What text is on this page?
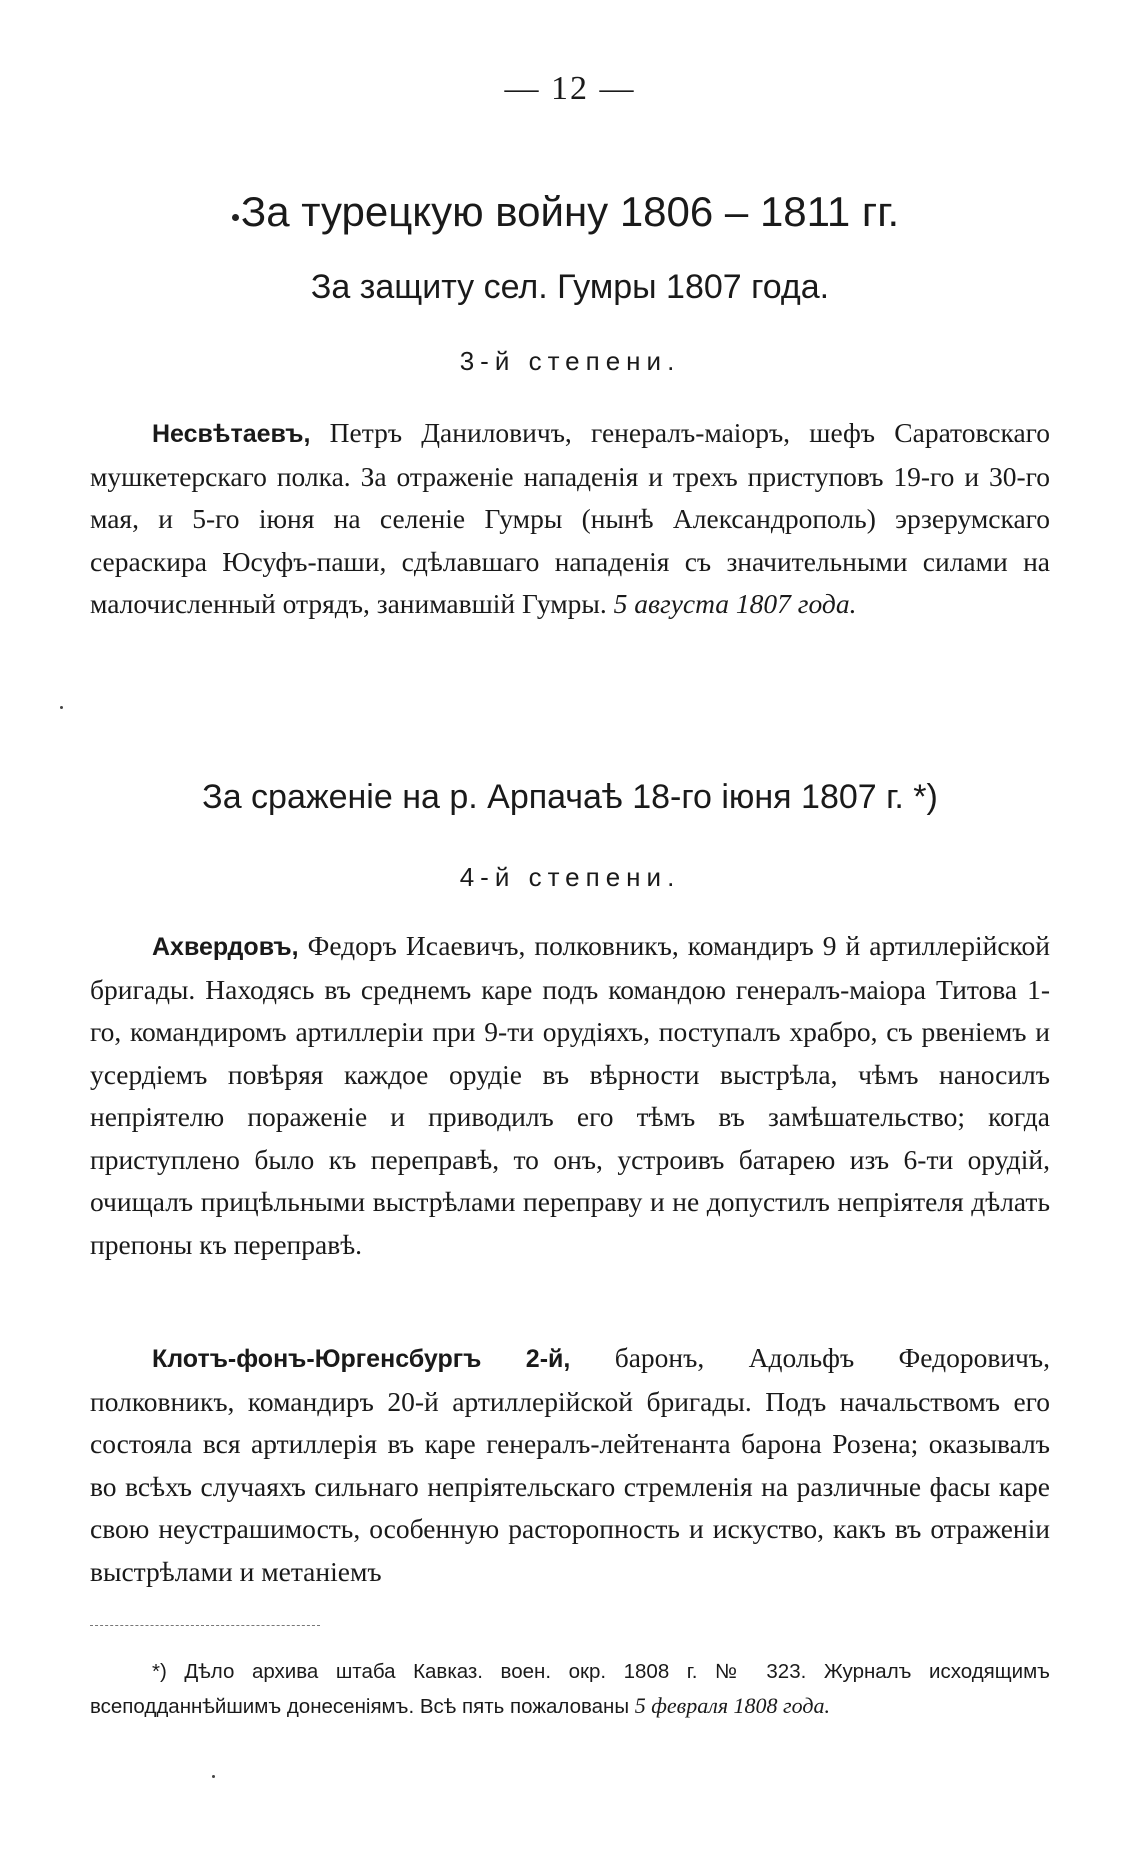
— 12 —
За турецкую войну 1806 – 1811 гг.
За защиту сел. Гумры 1807 года.
3-й степени.
Несвѣтаевъ, Петръ Даниловичъ, генералъ-маіоръ, шефъ Саратовскаго мушкетерскаго полка. За отраженіе нападенія и трехъ приступовъ 19-го и 30-го мая, и 5-го іюня на селеніе Гумры (нынѣ Александрополь) эрзерумскаго сераскира Юсуфъ-паши, сдѣлавшаго нападенія съ значительными силами на малочисленный отрядъ, занимавшій Гумры. 5 августа 1807 года.
За сраженіе на р. Арпачаѣ 18-го іюня 1807 г. *)
4-й степени.
Ахвердовъ, Федоръ Исаевичъ, полковникъ, командиръ 9 й артиллерійской бригады. Находясь въ среднемъ каре подъ командою генералъ-маіора Титова 1-го, командиромъ артиллеріи при 9-ти орудіяхъ, поступалъ храбро, съ рвеніемъ и усердіемъ повѣряя каждое орудіе въ вѣрности выстрѣла, чѣмъ наносилъ непріятелю пораженіе и приводилъ его тѣмъ въ замѣшательство; когда приступлено было къ переправѣ, то онъ, устроивъ батарею изъ 6-ти орудій, очищалъ прицѣльными выстрѣлами переправу и не допустилъ непріятеля дѣлать препоны къ переправѣ.
Клотъ-фонъ-Юргенсбургъ 2-й, баронъ, Адольфъ Федоровичъ, полковникъ, командиръ 20-й артиллерійской бригады. Подъ начальствомъ его состояла вся артиллерія въ каре генералъ-лейтенанта барона Розена; оказывалъ во всѣхъ случаяхъ сильнаго непріятельскаго стремленія на различные фасы каре свою неустрашимость, особенную расторопность и искуство, какъ въ отраженіи выстрѣлами и метаніемъ
*) Дѣло архива штаба Кавказ. воен. окр. 1808 г. № 323. Журналъ исходящимъ всеподданнѣйшимъ донесеніямъ. Всѣ пять пожалованы 5 февраля 1808 года.
